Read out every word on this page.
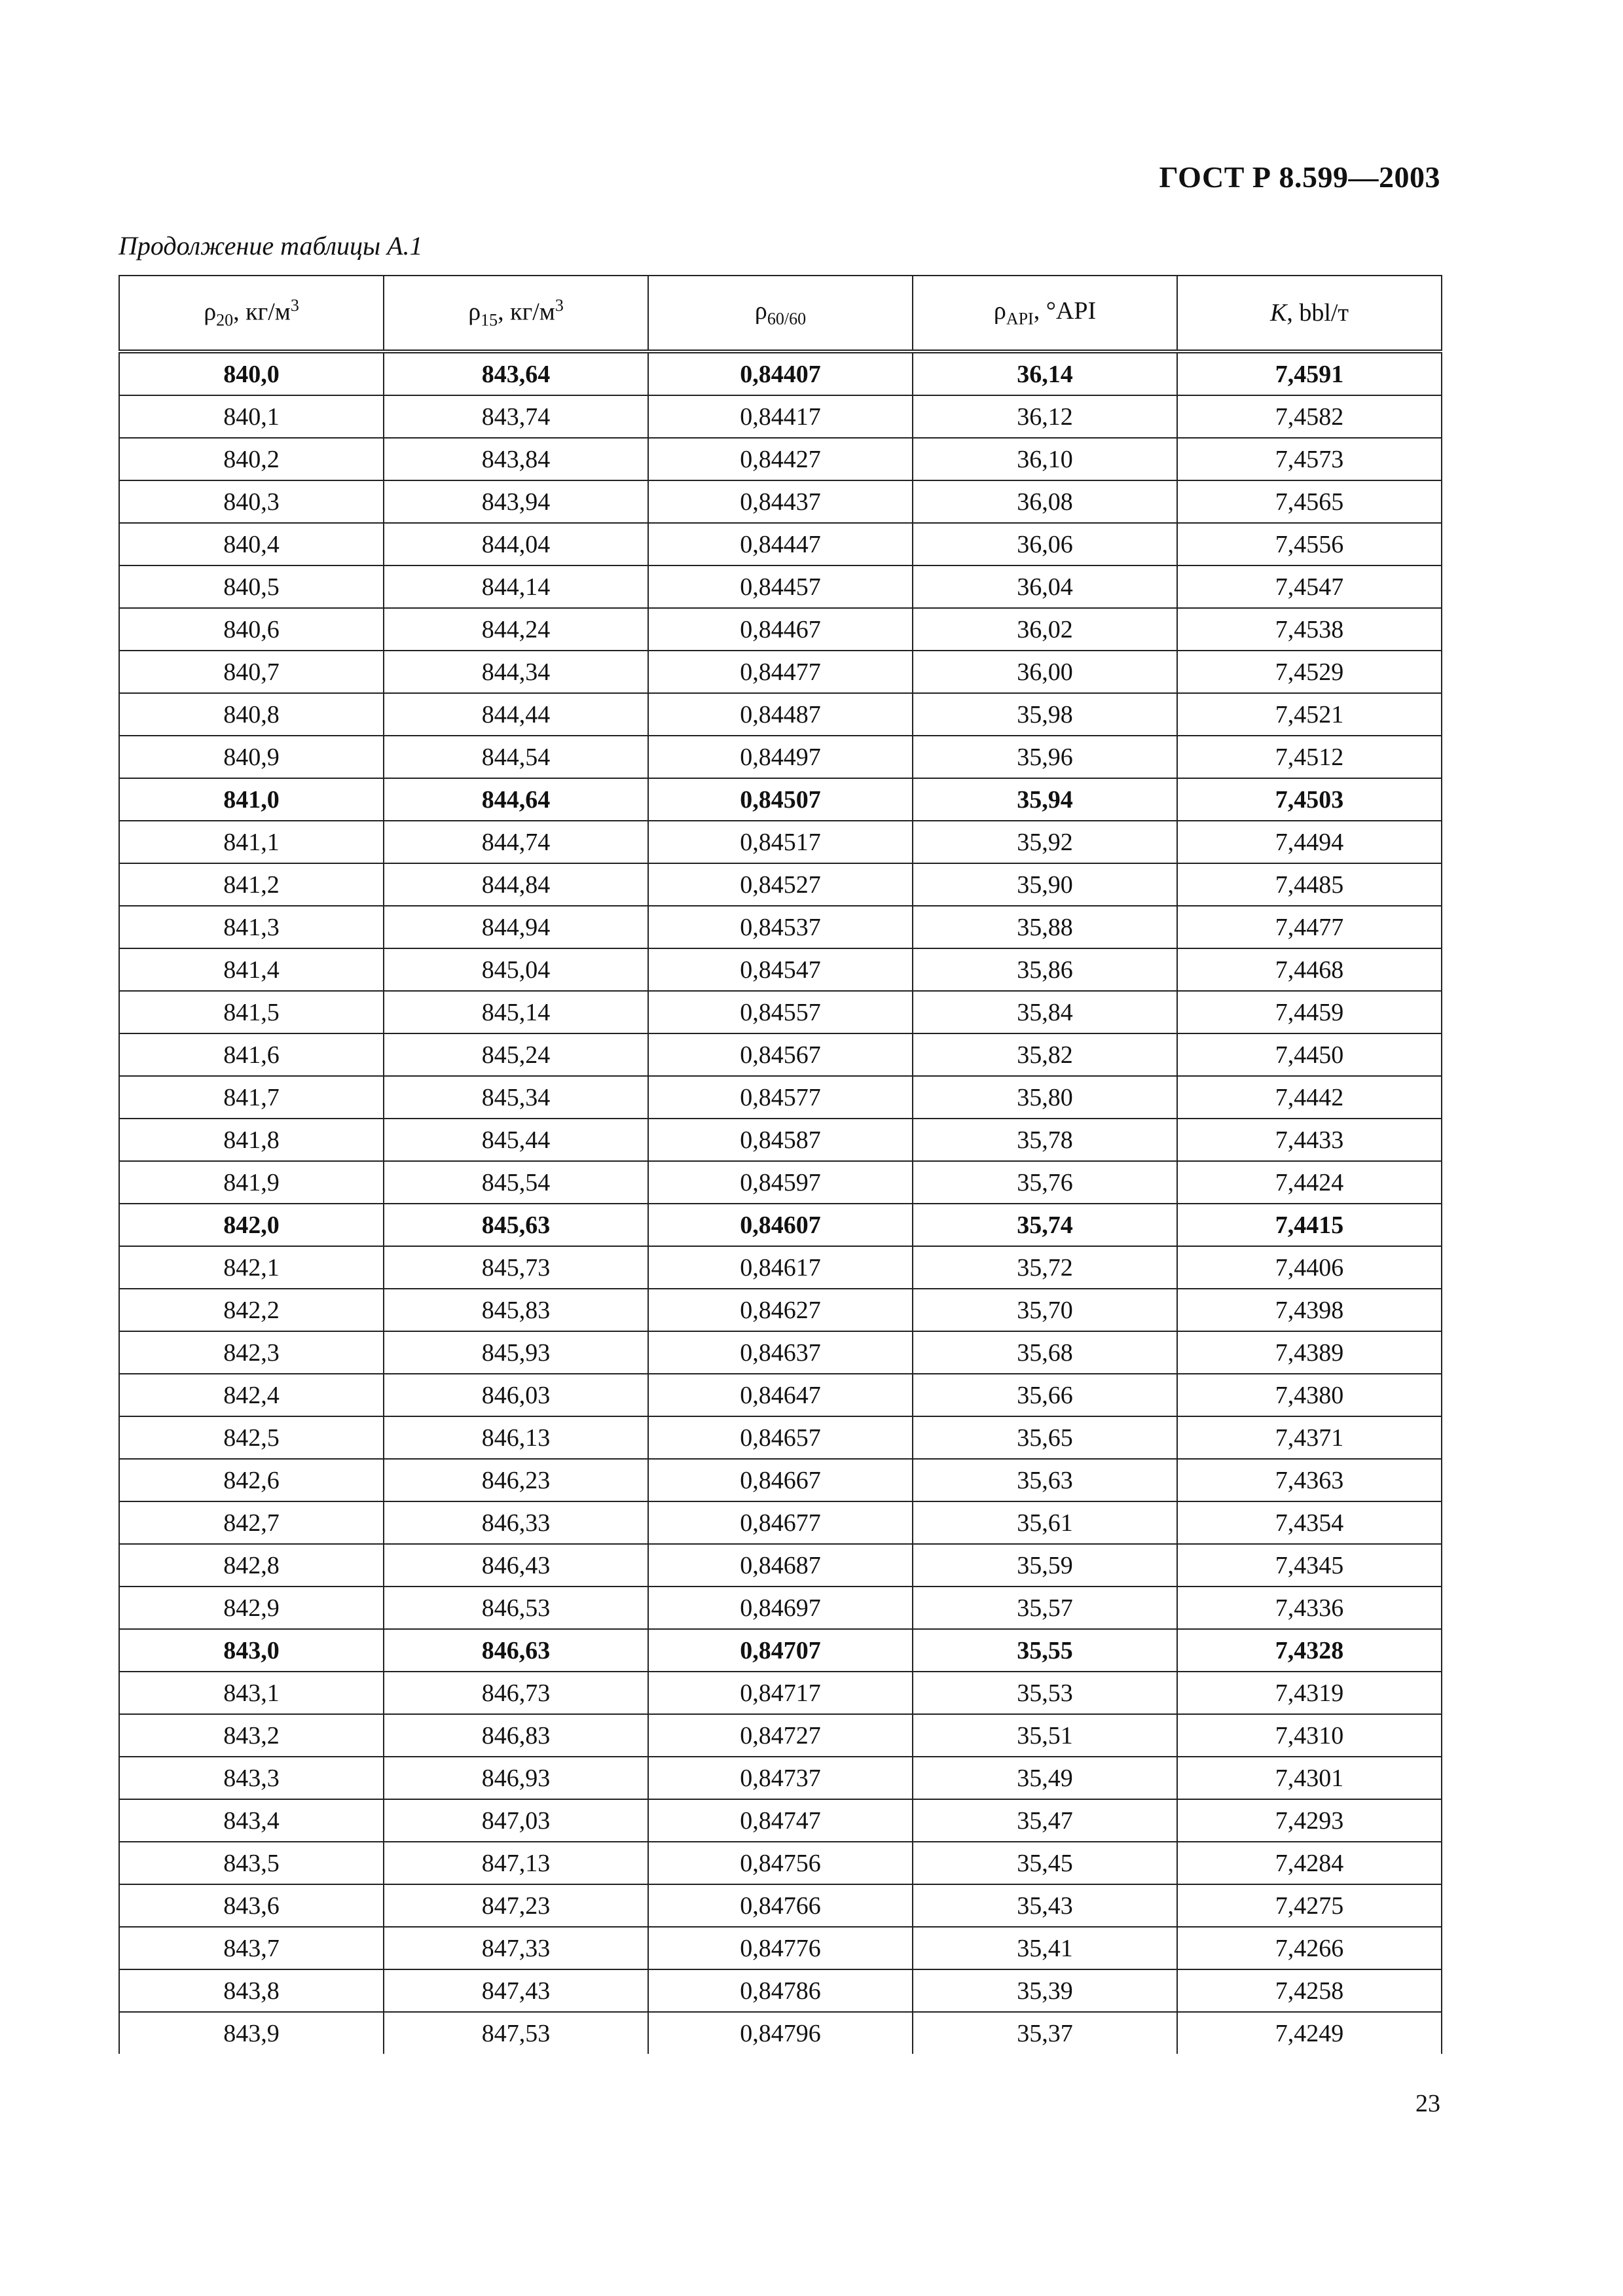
ГОСТ Р 8.599—2003
Продолжение таблицы А.1
$\rho_{20}$, $кг/м^3$	$\rho_{15}$, $кг/м^3$	$\rho_{60/60}$	$\rho_{API}$, °API	K, bbl/т
840,0	843,64	0,84407	36,14	7,4591
840,1	843,74	0,84417	36,12	7,4582
840,2	843,84	0,84427	36,10	7,4573
840,3	843,94	0,84437	36,08	7,4565
840,4	844,04	0,84447	36,06	7,4556
840,5	844,14	0,84457	36,04	7,4547
840,6	844,24	0,84467	36,02	7,4538
840,7	844,34	0,84477	36,00	7,4529
840,8	844,44	0,84487	35,98	7,4521
840,9	844,54	0,84497	35,96	7,4512
841,0	844,64	0,84507	35,94	7,4503
841,1	844,74	0,84517	35,92	7,4494
841,2	844,84	0,84527	35,90	7,4485
841,3	844,94	0,84537	35,88	7,4477
841,4	845,04	0,84547	35,86	7,4468
841,5	845,14	0,84557	35,84	7,4459
841,6	845,24	0,84567	35,82	7,4450
841,7	845,34	0,84577	35,80	7,4442
841,8	845,44	0,84587	35,78	7,4433
841,9	845,54	0,84597	35,76	7,4424
842,0	845,63	0,84607	35,74	7,4415
842,1	845,73	0,84617	35,72	7,4406
842,2	845,83	0,84627	35,70	7,4398
842,3	845,93	0,84637	35,68	7,4389
842,4	846,03	0,84647	35,66	7,4380
842,5	846,13	0,84657	35,65	7,4371
842,6	846,23	0,84667	35,63	7,4363
842,7	846,33	0,84677	35,61	7,4354
842,8	846,43	0,84687	35,59	7,4345
842,9	846,53	0,84697	35,57	7,4336
843,0	846,63	0,84707	35,55	7,4328
843,1	846,73	0,84717	35,53	7,4319
843,2	846,83	0,84727	35,51	7,4310
843,3	846,93	0,84737	35,49	7,4301
843,4	847,03	0,84747	35,47	7,4293
843,5	847,13	0,84756	35,45	7,4284
843,6	847,23	0,84766	35,43	7,4275
843,7	847,33	0,84776	35,41	7,4266
843,8	847,43	0,84786	35,39	7,4258
843,9	847,53	0,84796	35,37	7,4249
23
